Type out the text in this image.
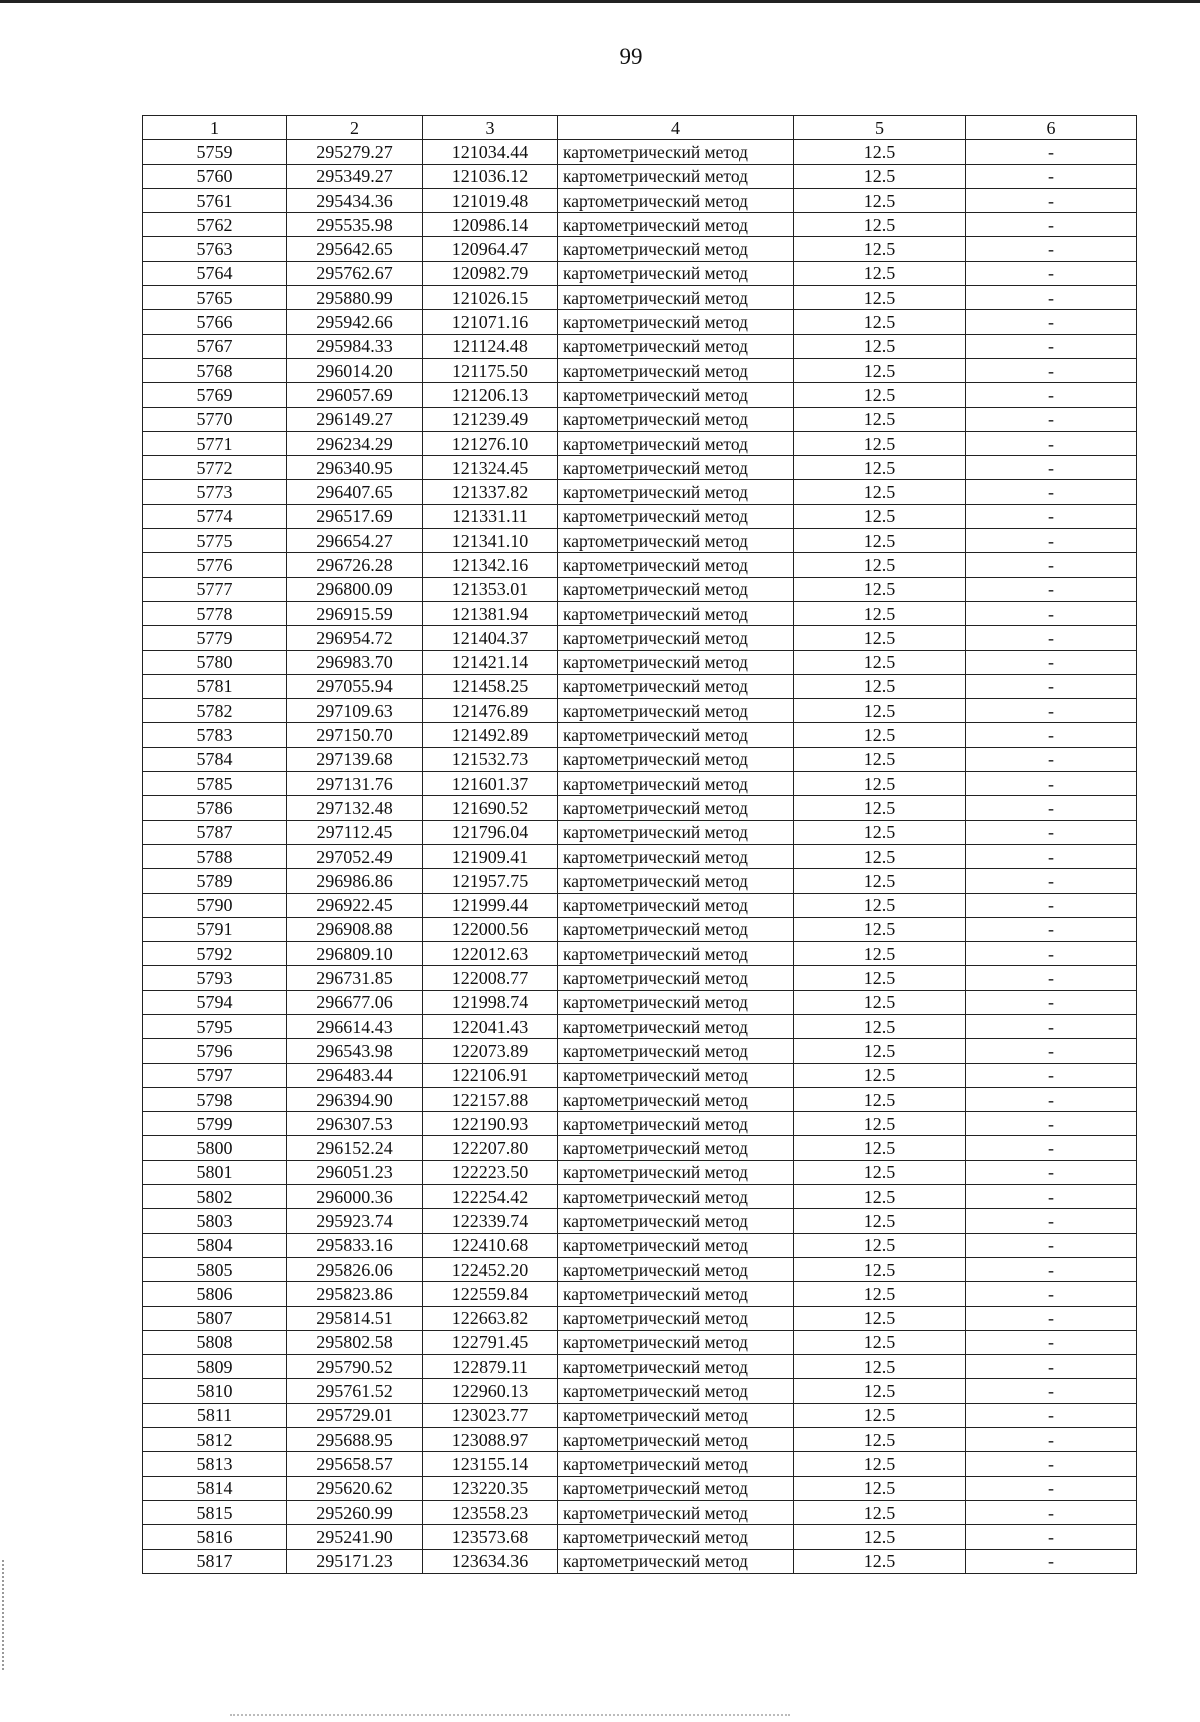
99
1	2	3	4	5	6
5759	295279.27	121034.44	картометрический метод	12.5	-
5760	295349.27	121036.12	картометрический метод	12.5	-
5761	295434.36	121019.48	картометрический метод	12.5	-
5762	295535.98	120986.14	картометрический метод	12.5	-
5763	295642.65	120964.47	картометрический метод	12.5	-
5764	295762.67	120982.79	картометрический метод	12.5	-
5765	295880.99	121026.15	картометрический метод	12.5	-
5766	295942.66	121071.16	картометрический метод	12.5	-
5767	295984.33	121124.48	картометрический метод	12.5	-
5768	296014.20	121175.50	картометрический метод	12.5	-
5769	296057.69	121206.13	картометрический метод	12.5	-
5770	296149.27	121239.49	картометрический метод	12.5	-
5771	296234.29	121276.10	картометрический метод	12.5	-
5772	296340.95	121324.45	картометрический метод	12.5	-
5773	296407.65	121337.82	картометрический метод	12.5	-
5774	296517.69	121331.11	картометрический метод	12.5	-
5775	296654.27	121341.10	картометрический метод	12.5	-
5776	296726.28	121342.16	картометрический метод	12.5	-
5777	296800.09	121353.01	картометрический метод	12.5	-
5778	296915.59	121381.94	картометрический метод	12.5	-
5779	296954.72	121404.37	картометрический метод	12.5	-
5780	296983.70	121421.14	картометрический метод	12.5	-
5781	297055.94	121458.25	картометрический метод	12.5	-
5782	297109.63	121476.89	картометрический метод	12.5	-
5783	297150.70	121492.89	картометрический метод	12.5	-
5784	297139.68	121532.73	картометрический метод	12.5	-
5785	297131.76	121601.37	картометрический метод	12.5	-
5786	297132.48	121690.52	картометрический метод	12.5	-
5787	297112.45	121796.04	картометрический метод	12.5	-
5788	297052.49	121909.41	картометрический метод	12.5	-
5789	296986.86	121957.75	картометрический метод	12.5	-
5790	296922.45	121999.44	картометрический метод	12.5	-
5791	296908.88	122000.56	картометрический метод	12.5	-
5792	296809.10	122012.63	картометрический метод	12.5	-
5793	296731.85	122008.77	картометрический метод	12.5	-
5794	296677.06	121998.74	картометрический метод	12.5	-
5795	296614.43	122041.43	картометрический метод	12.5	-
5796	296543.98	122073.89	картометрический метод	12.5	-
5797	296483.44	122106.91	картометрический метод	12.5	-
5798	296394.90	122157.88	картометрический метод	12.5	-
5799	296307.53	122190.93	картометрический метод	12.5	-
5800	296152.24	122207.80	картометрический метод	12.5	-
5801	296051.23	122223.50	картометрический метод	12.5	-
5802	296000.36	122254.42	картометрический метод	12.5	-
5803	295923.74	122339.74	картометрический метод	12.5	-
5804	295833.16	122410.68	картометрический метод	12.5	-
5805	295826.06	122452.20	картометрический метод	12.5	-
5806	295823.86	122559.84	картометрический метод	12.5	-
5807	295814.51	122663.82	картометрический метод	12.5	-
5808	295802.58	122791.45	картометрический метод	12.5	-
5809	295790.52	122879.11	картометрический метод	12.5	-
5810	295761.52	122960.13	картометрический метод	12.5	-
5811	295729.01	123023.77	картометрический метод	12.5	-
5812	295688.95	123088.97	картометрический метод	12.5	-
5813	295658.57	123155.14	картометрический метод	12.5	-
5814	295620.62	123220.35	картометрический метод	12.5	-
5815	295260.99	123558.23	картометрический метод	12.5	-
5816	295241.90	123573.68	картометрический метод	12.5	-
5817	295171.23	123634.36	картометрический метод	12.5	-
